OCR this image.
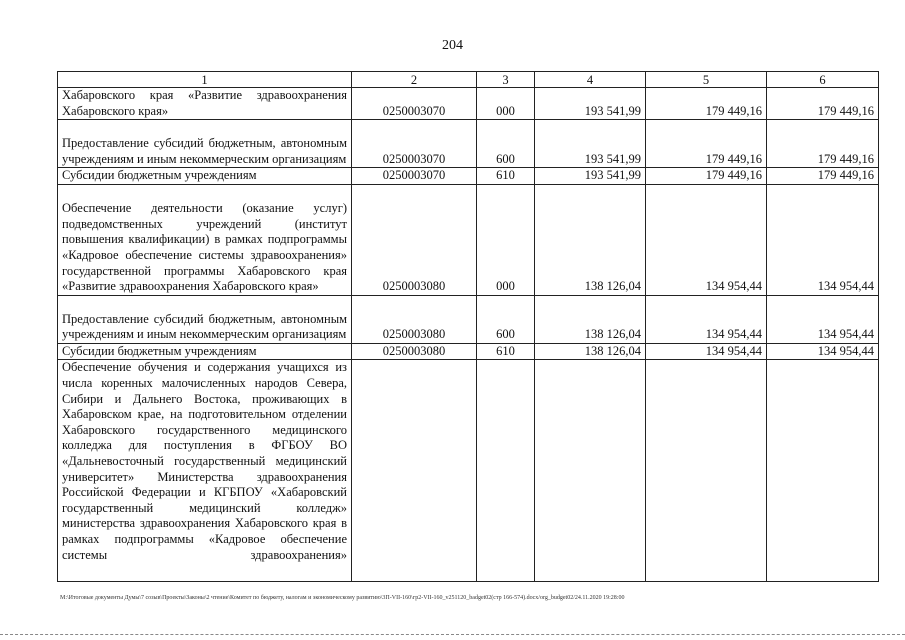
204
1	2	3	4	5	6
Хабаровского края «Развитие здравоохранения Хабаровского края»	0250003070	000	193 541,99	179 449,16	179 449,16
Предоставление субсидий бюджетным, автономным учреждениям и иным некоммерческим организациям	0250003070	600	193 541,99	179 449,16	179 449,16
Субсидии бюджетным учреждениям	0250003070	610	193 541,99	179 449,16	179 449,16
Обеспечение деятельности (оказание услуг) подведомственных учреждений (институт повышения квалификации) в рамках подпрограммы «Кадровое обеспечение системы здравоохранения» государственной программы Хабаровского края «Развитие здравоохранения Хабаровского края»	0250003080	000	138 126,04	134 954,44	134 954,44
Предоставление субсидий бюджетным, автономным учреждениям и иным некоммерческим организациям	0250003080	600	138 126,04	134 954,44	134 954,44
Субсидии бюджетным учреждениям	0250003080	610	138 126,04	134 954,44	134 954,44
Обеспечение обучения и содержания учащихся из числа коренных малочисленных народов Севера, Сибири и Дальнего Востока, проживающих в Хабаровском крае, на подготовительном отделении Хабаровского государственного медицинского колледжа для поступления в ФГБОУ ВО «Дальневосточный государственный медицинский университет» Министерства здравоохранения Российской Федерации и КГБПОУ «Хабаровский государственный медицинский колледж» министерства здравоохранения Хабаровского края в рамках подпрограммы «Кадровое обеспечение системы здравоохранения»					
M:\Итоговые документы Думы\7 созыв\Проекты\Законы\2 чтение\Комитет по бюджету, налогам и экономическому развитию\3П-VII-160\гр2-VII-160_v251120_badget02(стр 166-574).docx/org_budget02/24.11.2020 19:28:00
